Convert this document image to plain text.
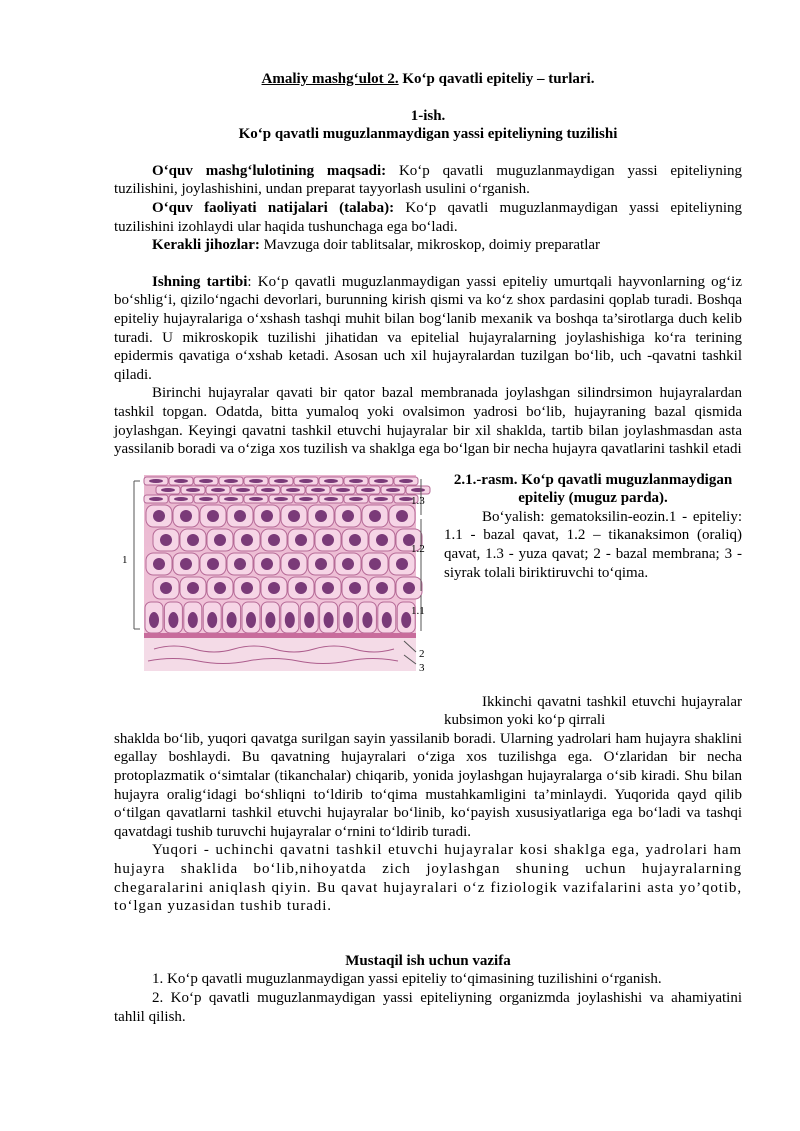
Amaliy mashg‘ulot 2. Ko‘p qavatli epiteliy – turlari.
1-ish.
Ko‘p qavatli muguzlanmaydigan yassi epiteliyning tuzilishi

O‘quv mashg‘lulotining maqsadi: Ko‘p qavatli muguzlanmaydigan yassi epiteliyning tuzilishini, joylashishini, undan preparat tayyorlash usulini o‘rganish.

O‘quv faoliyati natijalari (talaba): Ko‘p qavatli muguzlanmaydigan yassi epiteliyning tuzilishini izohlaydi ular haqida tushunchaga ega bo‘ladi.

Kerakli jihozlar: Mavzuga doir tablitsalar, mikroskop, doimiy preparatlar

Ishning tartibi: Ko‘p qavatli muguzlanmaydigan yassi epiteliy umurtqali hayvonlarning og‘iz bo‘shlig‘i, qizilo‘ngachi devorlari, burunning kirish qismi va ko‘z shox pardasini qoplab turadi. Boshqa epiteliy hujayralariga o‘xshash tashqi muhit bilan bog‘lanib mexanik va boshqa ta’sirotlarga duch kelib turadi. U mikroskopik tuzilishi jihatidan va epitelial hujayralarning joylashishiga ko‘ra terining epidermis qavatiga o‘xshab ketadi. Asosan uch xil hujayralardan tuzilgan bo‘lib, uch -qavatni tashkil qiladi.

Birinchi hujayralar qavati bir qator bazal membranada joylashgan silindrsimon hujayralardan tashkil topgan. Odatda, bitta yumaloq yoki ovalsimon yadrosi bo‘lib, hujayraning bazal qismida joylashgan. Keyingi qavatni tashkil etuvchi hujayralar bir xil shaklda, tartib bilan joylashmasdan asta yassilanib boradi va o‘ziga xos tuzilish va shaklga ega bo‘lgan bir necha hujayra qavatlarini tashkil etadi

1
1.3
1.2
1.1
2
3
2.1.-rasm. Ko‘p qavatli muguzlanmaydigan epiteliy (muguz parda).

Bo‘yalish: gematoksilin-eozin.1 - epiteliy: 1.1 - bazal qavat, 1.2 – tikanaksimon (oraliq) qavat, 1.3 - yuza qavat; 2 - bazal membrana; 3 - siyrak tolali biriktiruvchi to‘qima.

Ikkinchi qavatni tashkil etuvchi hujayralar kubsimon yoki ko‘p qirrali

shaklda bo‘lib, yuqori qavatga surilgan sayin yassilanib boradi. Ularning yadrolari ham hujayra shaklini egallay boshlaydi. Bu qavatning hujayralari o‘ziga xos tuzilishga ega. O‘zlaridan bir necha protoplazmatik o‘simtalar (tikanchalar) chiqarib, yonida joylashgan hujayralarga o‘sib kiradi. Shu bilan hujayra oralig‘idagi bo‘shliqni to‘ldirib to‘qima mustahkamligini ta’minlaydi. Yuqorida qayd qilib o‘tilgan qavatlarni tashkil etuvchi hujayralar bo‘linib, ko‘payish xususiyatlariga ega bo‘ladi va tashqi qavatdagi tushib turuvchi hujayralar o‘rnini to‘ldirib turadi.

Yuqori - uchinchi qavatni tashkil etuvchi hujayralar kosi shaklga ega, yadrolari ham hujayra shaklida bo‘lib,nihoyatda zich joylashgan shuning uchun hujayralarning chegaralarini aniqlash qiyin. Bu qavat hujayralari o‘z fiziologik vazifalarini asta yo’qotib, to‘lgan yuzasidan tushib turadi.

Mustaqil ish uchun vazifa

1. Ko‘p qavatli muguzlanmaydigan yassi epiteliy to‘qimasining tuzilishini o‘rganish.

2. Ko‘p qavatli muguzlanmaydigan yassi epiteliyning organizmda joylashishi va ahamiyatini tahlil qilish.
